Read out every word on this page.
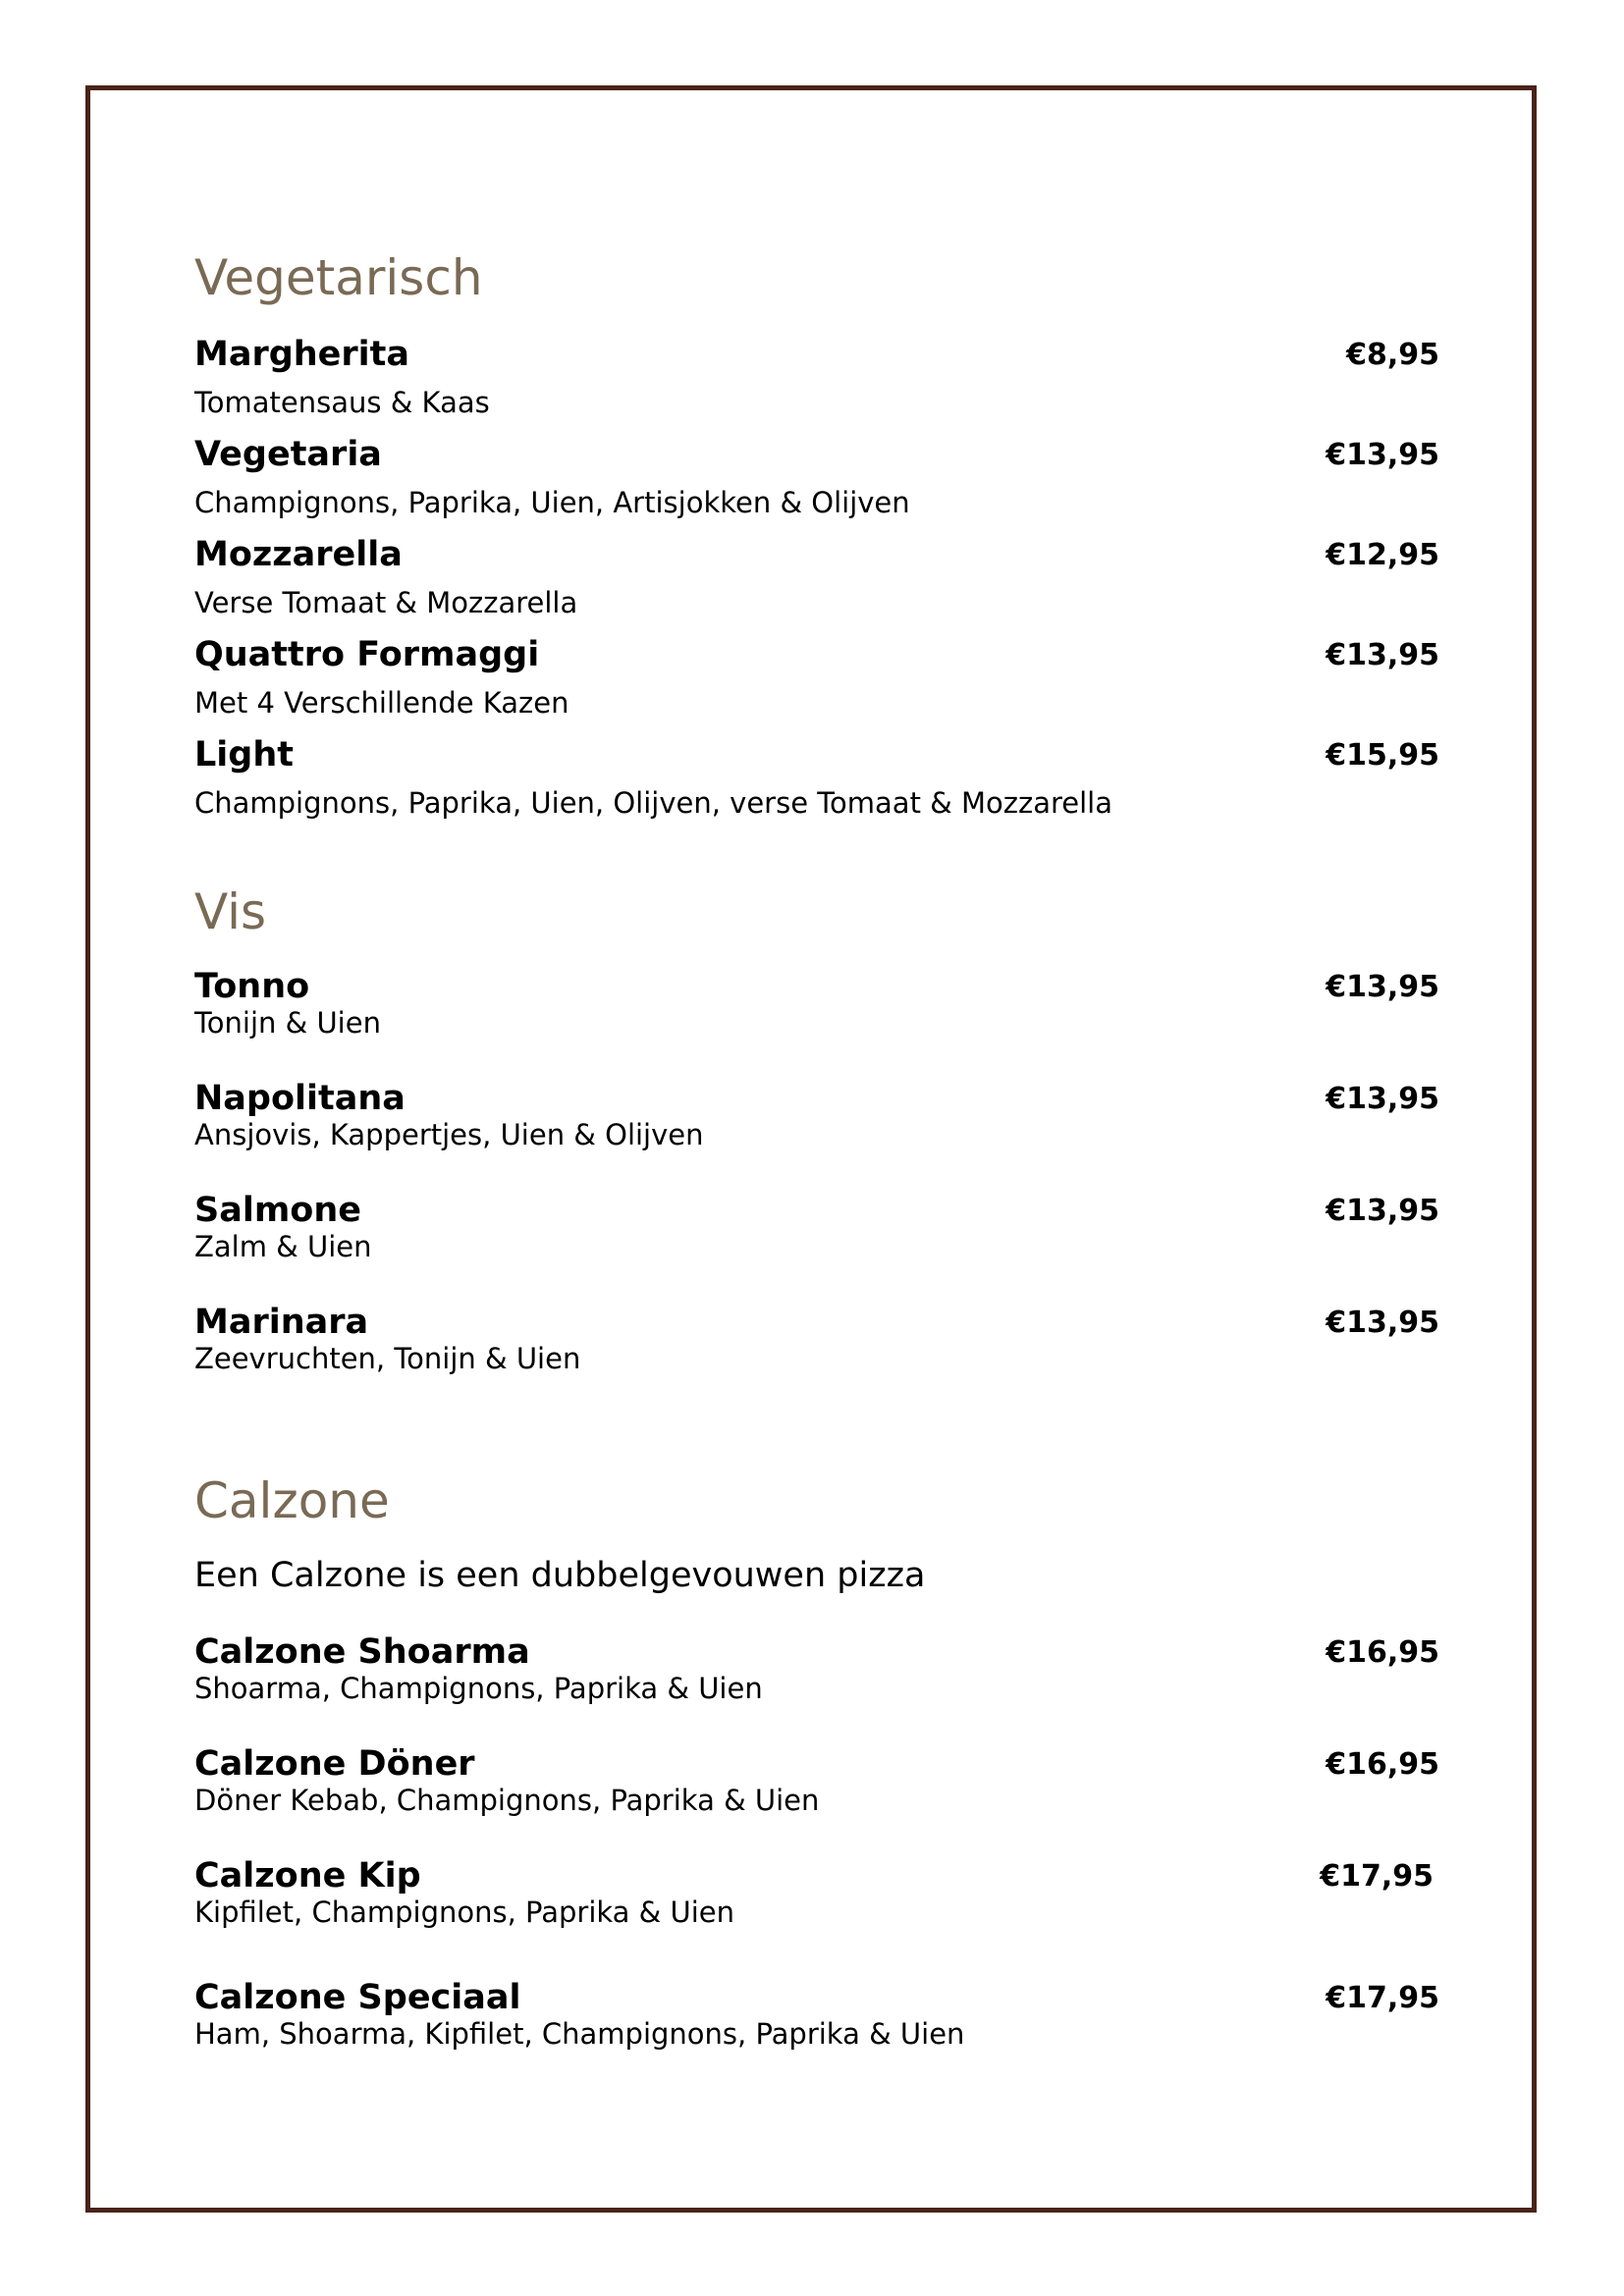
Vegetarisch

Margherita	€8,95

Tomatensaus & Kaas

Vegetaria	€13,95

Champignons, Paprika, Uien, Artisjokken & Olijven

Mozzarella	€12,95

Verse Tomaat & Mozzarella

Quattro Formaggi	€13,95

Met 4 Verschillende Kazen

Light	€15,95

Champignons, Paprika, Uien, Olijven, verse Tomaat & Mozzarella

Vis

Tonno	€13,95

Tonijn & Uien

Napolitana	€13,95

Ansjovis, Kappertjes, Uien & Olijven

Salmone	€13,95

Zalm & Uien

Marinara	€13,95

Zeevruchten, Tonijn & Uien

Calzone

Een Calzone is een dubbelgevouwen pizza

Calzone Shoarma	€16,95

Shoarma, Champignons, Paprika & Uien

Calzone Döner	€16,95

Döner Kebab, Champignons, Paprika & Uien

Calzone Kip	€17,95

Kipfilet, Champignons, Paprika & Uien

Calzone Speciaal	€17,95

Ham, Shoarma, Kipfilet, Champignons, Paprika & Uien
